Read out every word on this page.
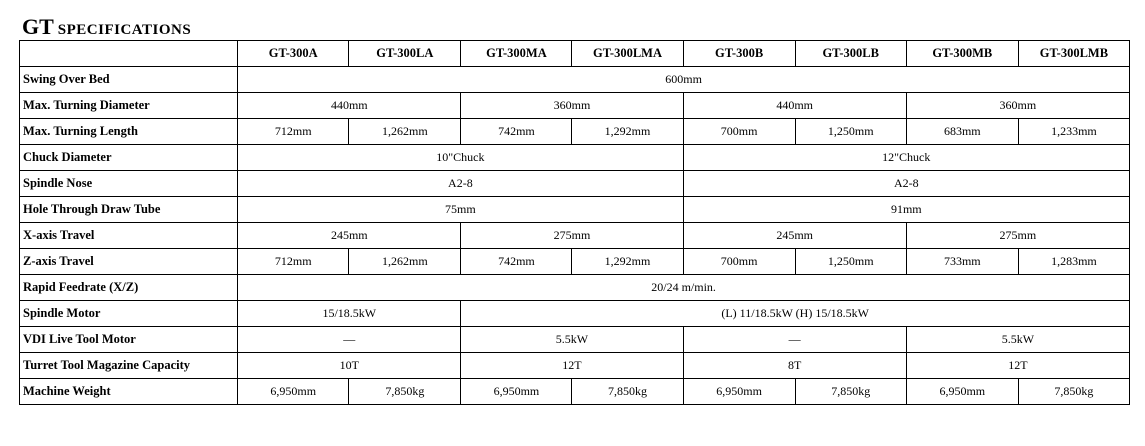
GT SPECIFICATIONS
	GT-300A	GT-300LA	GT-300MA	GT-300LMA	GT-300B	GT-300LB	GT-300MB	GT-300LMB
Swing Over Bed	600mm							
Max. Turning Diameter	440mm		360mm		440mm		360mm	
Max. Turning Length	712mm	1,262mm	742mm	1,292mm	700mm	1,250mm	683mm	1,233mm
Chuck Diameter	10"Chuck				12"Chuck			
Spindle Nose	A2-8				A2-8			
Hole Through Draw Tube	75mm				91mm			
X-axis Travel	245mm		275mm		245mm		275mm	
Z-axis Travel	712mm	1,262mm	742mm	1,292mm	700mm	1,250mm	733mm	1,283mm
Rapid Feedrate (X/Z)	20/24 m/min.							
Spindle Motor	15/18.5kW		(L) 11/18.5kW (H) 15/18.5kW					
VDI Live Tool Motor	—		5.5kW		—		5.5kW	
Turret Tool Magazine Capacity	10T		12T		8T		12T	
Machine Weight	6,950mm	7,850kg	6,950mm	7,850kg	6,950mm	7,850kg	6,950mm	7,850kg
